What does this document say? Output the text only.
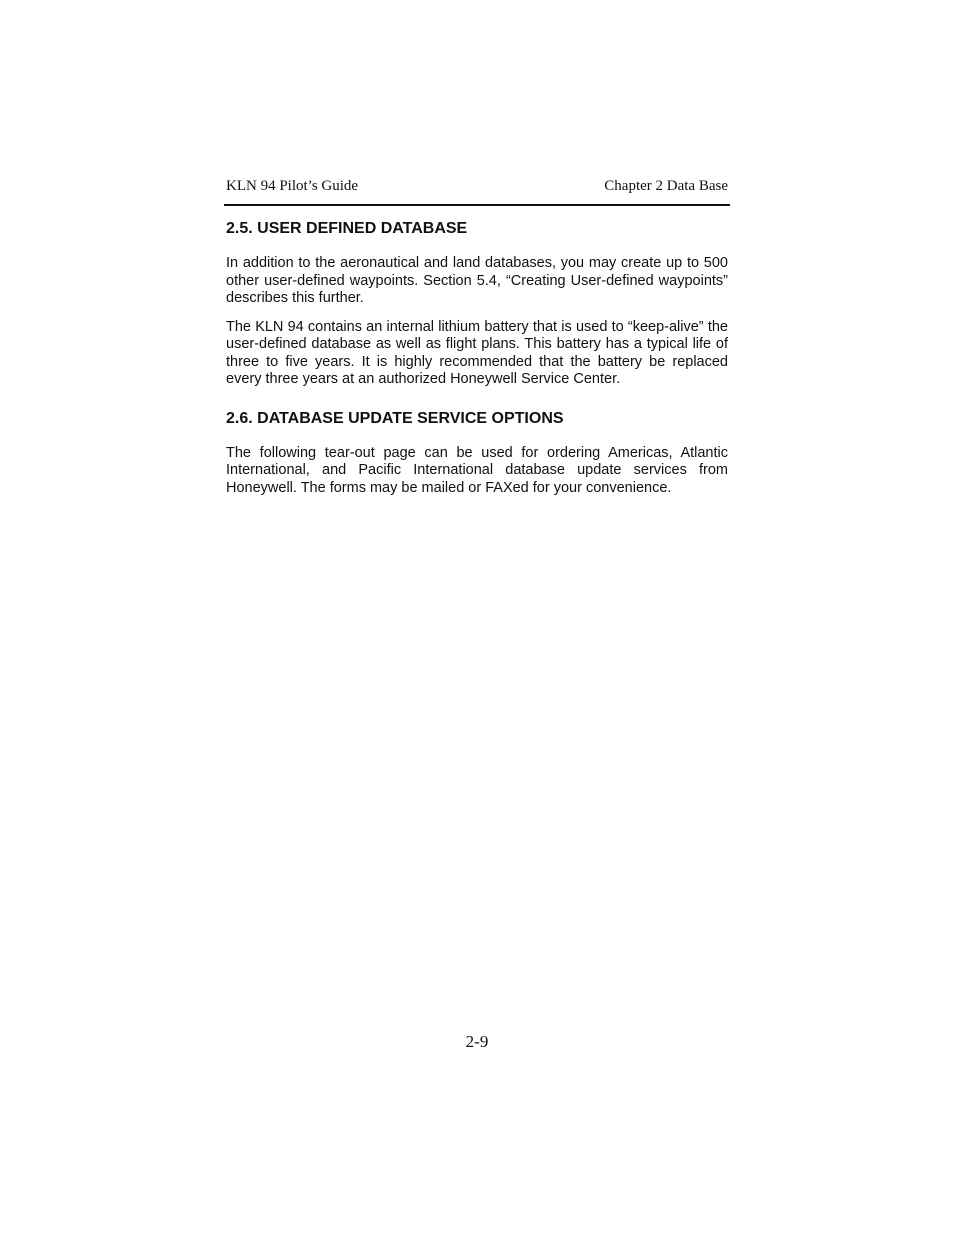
KLN 94 Pilot’s Guide	Chapter 2 Data Base
2.5. USER DEFINED DATABASE

In addition to the aeronautical and land databases, you may create up to 500 other user-defined waypoints. Section 5.4, “Creating User-defined waypoints” describes this further.

The KLN 94 contains an internal lithium battery that is used to “keep-alive” the user-defined database as well as flight plans. This battery has a typical life of three to five years. It is highly recommended that the battery be replaced every three years at an authorized Honeywell Service Center.

2.6. DATABASE UPDATE SERVICE OPTIONS

The following tear-out page can be used for ordering Americas, Atlantic International, and Pacific International database update services from Honeywell. The forms may be mailed or FAXed for your convenience.

2-9
